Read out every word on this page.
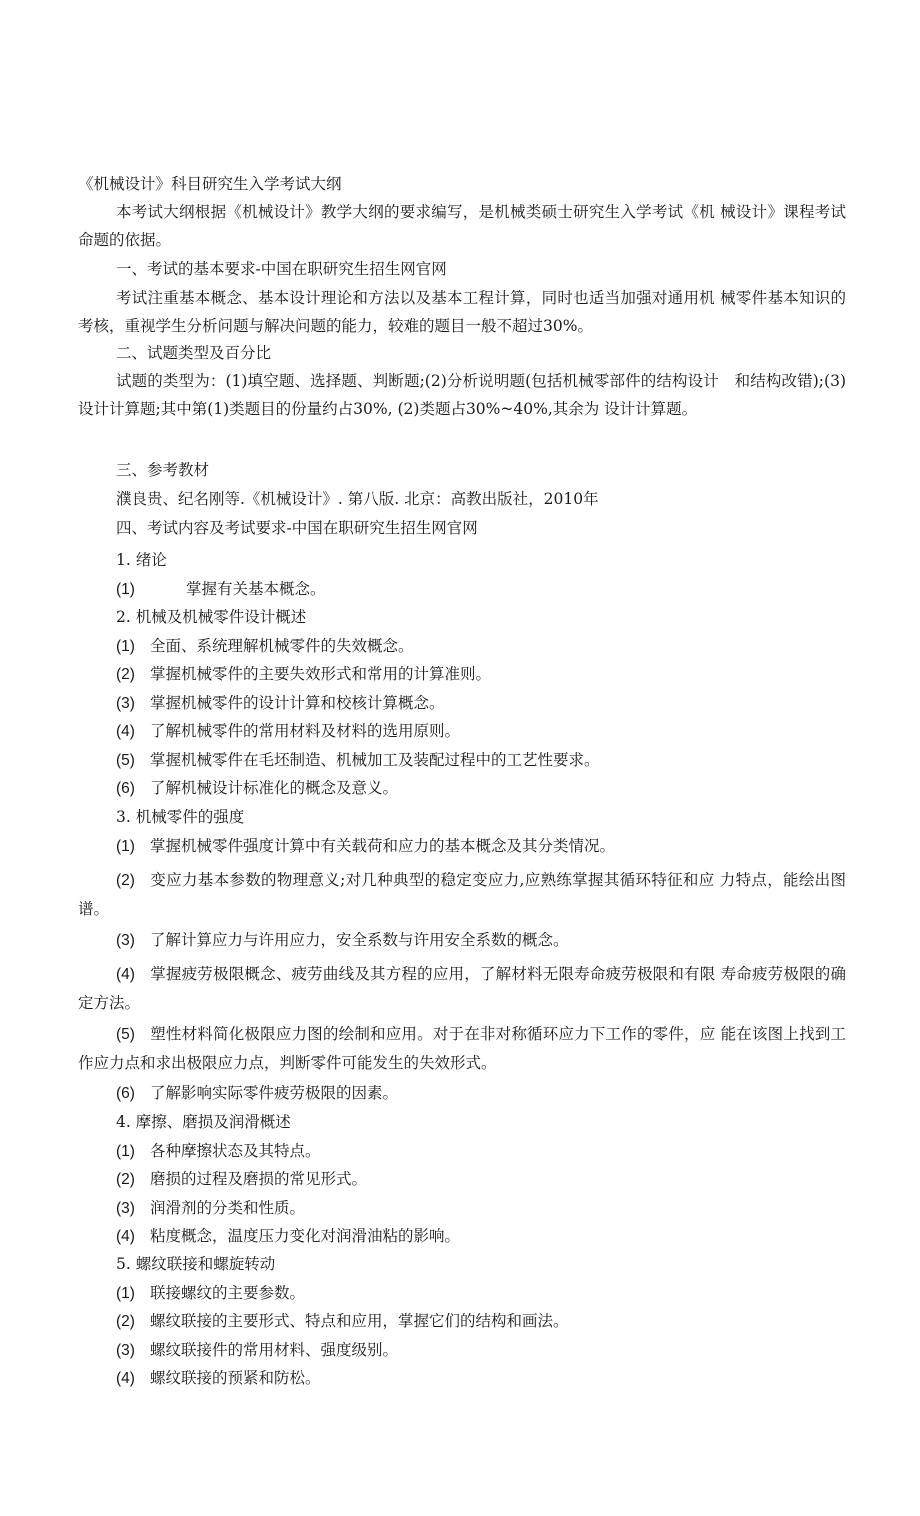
《机械设计》科目研究生入学考试大纲
本考试大纲根据《机械设计》教学大纲的要求编写，是机械类硕士研究生入学考试《机 械设计》课程考试命题的依据。
一、考试的基本要求-中国在职研究生招生网官网
考试注重基本概念、基本设计理论和方法以及基本工程计算，同时也适当加强对通用机 械零件基本知识的考核，重视学生分析问题与解决问题的能力，较难的题目一般不超过30%。
二、试题类型及百分比
试题的类型为：(1)填空题、选择题、判断题;(2)分析说明题(包括机械零部件的结构设计　和结构改错);(3)设计计算题;其中第(1)类题目的份量约占30%, (2)类题占30%~40%,其余为 设计计算题。
三、参考教材
濮良贵、纪名刚等.《机械设计》. 第八版. 北京：高教出版社，2010年
四、考试内容及考试要求-中国在职研究生招生网官网
1. 绪论
(1)	掌握有关基本概念。
2. 机械及机械零件设计概述
(1) 全面、系统理解机械零件的失效概念。
(2) 掌握机械零件的主要失效形式和常用的计算准则。
(3) 掌握机械零件的设计计算和校核计算概念。
(4) 了解机械零件的常用材料及材料的选用原则。
(5) 掌握机械零件在毛坯制造、机械加工及装配过程中的工艺性要求。
(6) 了解机械设计标准化的概念及意义。
3. 机械零件的强度
(1) 掌握机械零件强度计算中有关载荷和应力的基本概念及其分类情况。
(2) 变应力基本参数的物理意义;对几种典型的稳定变应力,应熟练掌握其循环特征和应 力特点，能绘出图谱。
(3) 了解计算应力与许用应力，安全系数与许用安全系数的概念。
(4) 掌握疲劳极限概念、疲劳曲线及其方程的应用，了解材料无限寿命疲劳极限和有限 寿命疲劳极限的确定方法。
(5) 塑性材料简化极限应力图的绘制和应用。对于在非对称循环应力下工作的零件，应 能在该图上找到工作应力点和求出极限应力点，判断零件可能发生的失效形式。
(6) 了解影响实际零件疲劳极限的因素。
4. 摩擦、磨损及润滑概述
(1) 各种摩擦状态及其特点。
(2) 磨损的过程及磨损的常见形式。
(3) 润滑剂的分类和性质。
(4) 粘度概念，温度压力变化对润滑油粘的影响。
5. 螺纹联接和螺旋转动
(1) 联接螺纹的主要参数。
(2) 螺纹联接的主要形式、特点和应用，掌握它们的结构和画法。
(3) 螺纹联接件的常用材料、强度级别。
(4) 螺纹联接的预紧和防松。
